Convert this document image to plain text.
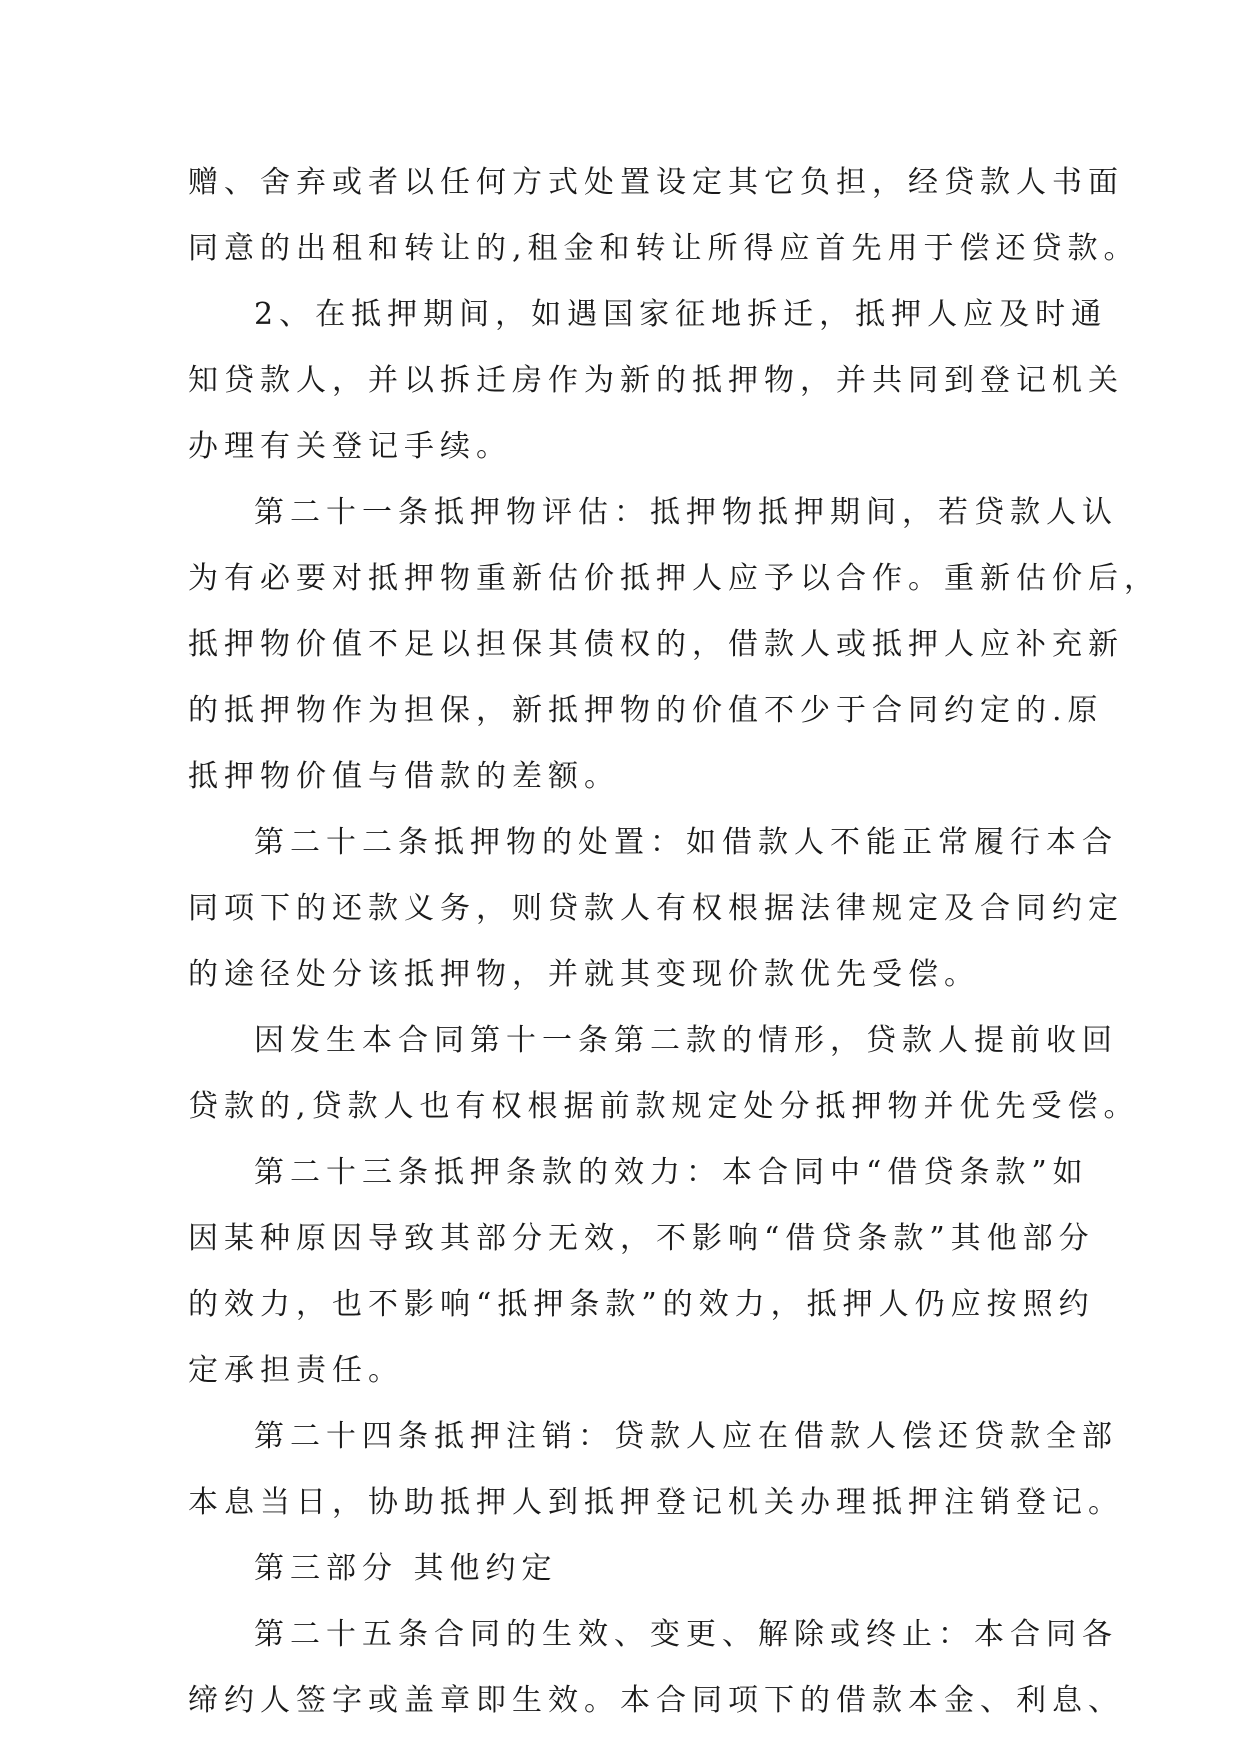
赠、舍弃或者以任何方式处置设定其它负担，经贷款人书面
同意的出租和转让的,租金和转让所得应首先用于偿还贷款。
2、在抵押期间，如遇国家征地拆迁，抵押人应及时通
知贷款人，并以拆迁房作为新的抵押物，并共同到登记机关
办理有关登记手续。
第二十一条抵押物评估：抵押物抵押期间，若贷款人认
为有必要对抵押物重新估价抵押人应予以合作。重新估价后，
抵押物价值不足以担保其债权的，借款人或抵押人应补充新
的抵押物作为担保，新抵押物的价值不少于合同约定的.原
抵押物价值与借款的差额。
第二十二条抵押物的处置：如借款人不能正常履行本合
同项下的还款义务，则贷款人有权根据法律规定及合同约定
的途径处分该抵押物，并就其变现价款优先受偿。
因发生本合同第十一条第二款的情形，贷款人提前收回
贷款的,贷款人也有权根据前款规定处分抵押物并优先受偿。
第二十三条抵押条款的效力：本合同中“借贷条款”如
因某种原因导致其部分无效，不影响“借贷条款”其他部分
的效力，也不影响“抵押条款”的效力，抵押人仍应按照约
定承担责任。
第二十四条抵押注销：贷款人应在借款人偿还贷款全部
本息当日，协助抵押人到抵押登记机关办理抵押注销登记。
第三部分 其他约定
第二十五条合同的生效、变更、解除或终止：本合同各
缔约人签字或盖章即生效。本合同项下的借款本金、利息、
